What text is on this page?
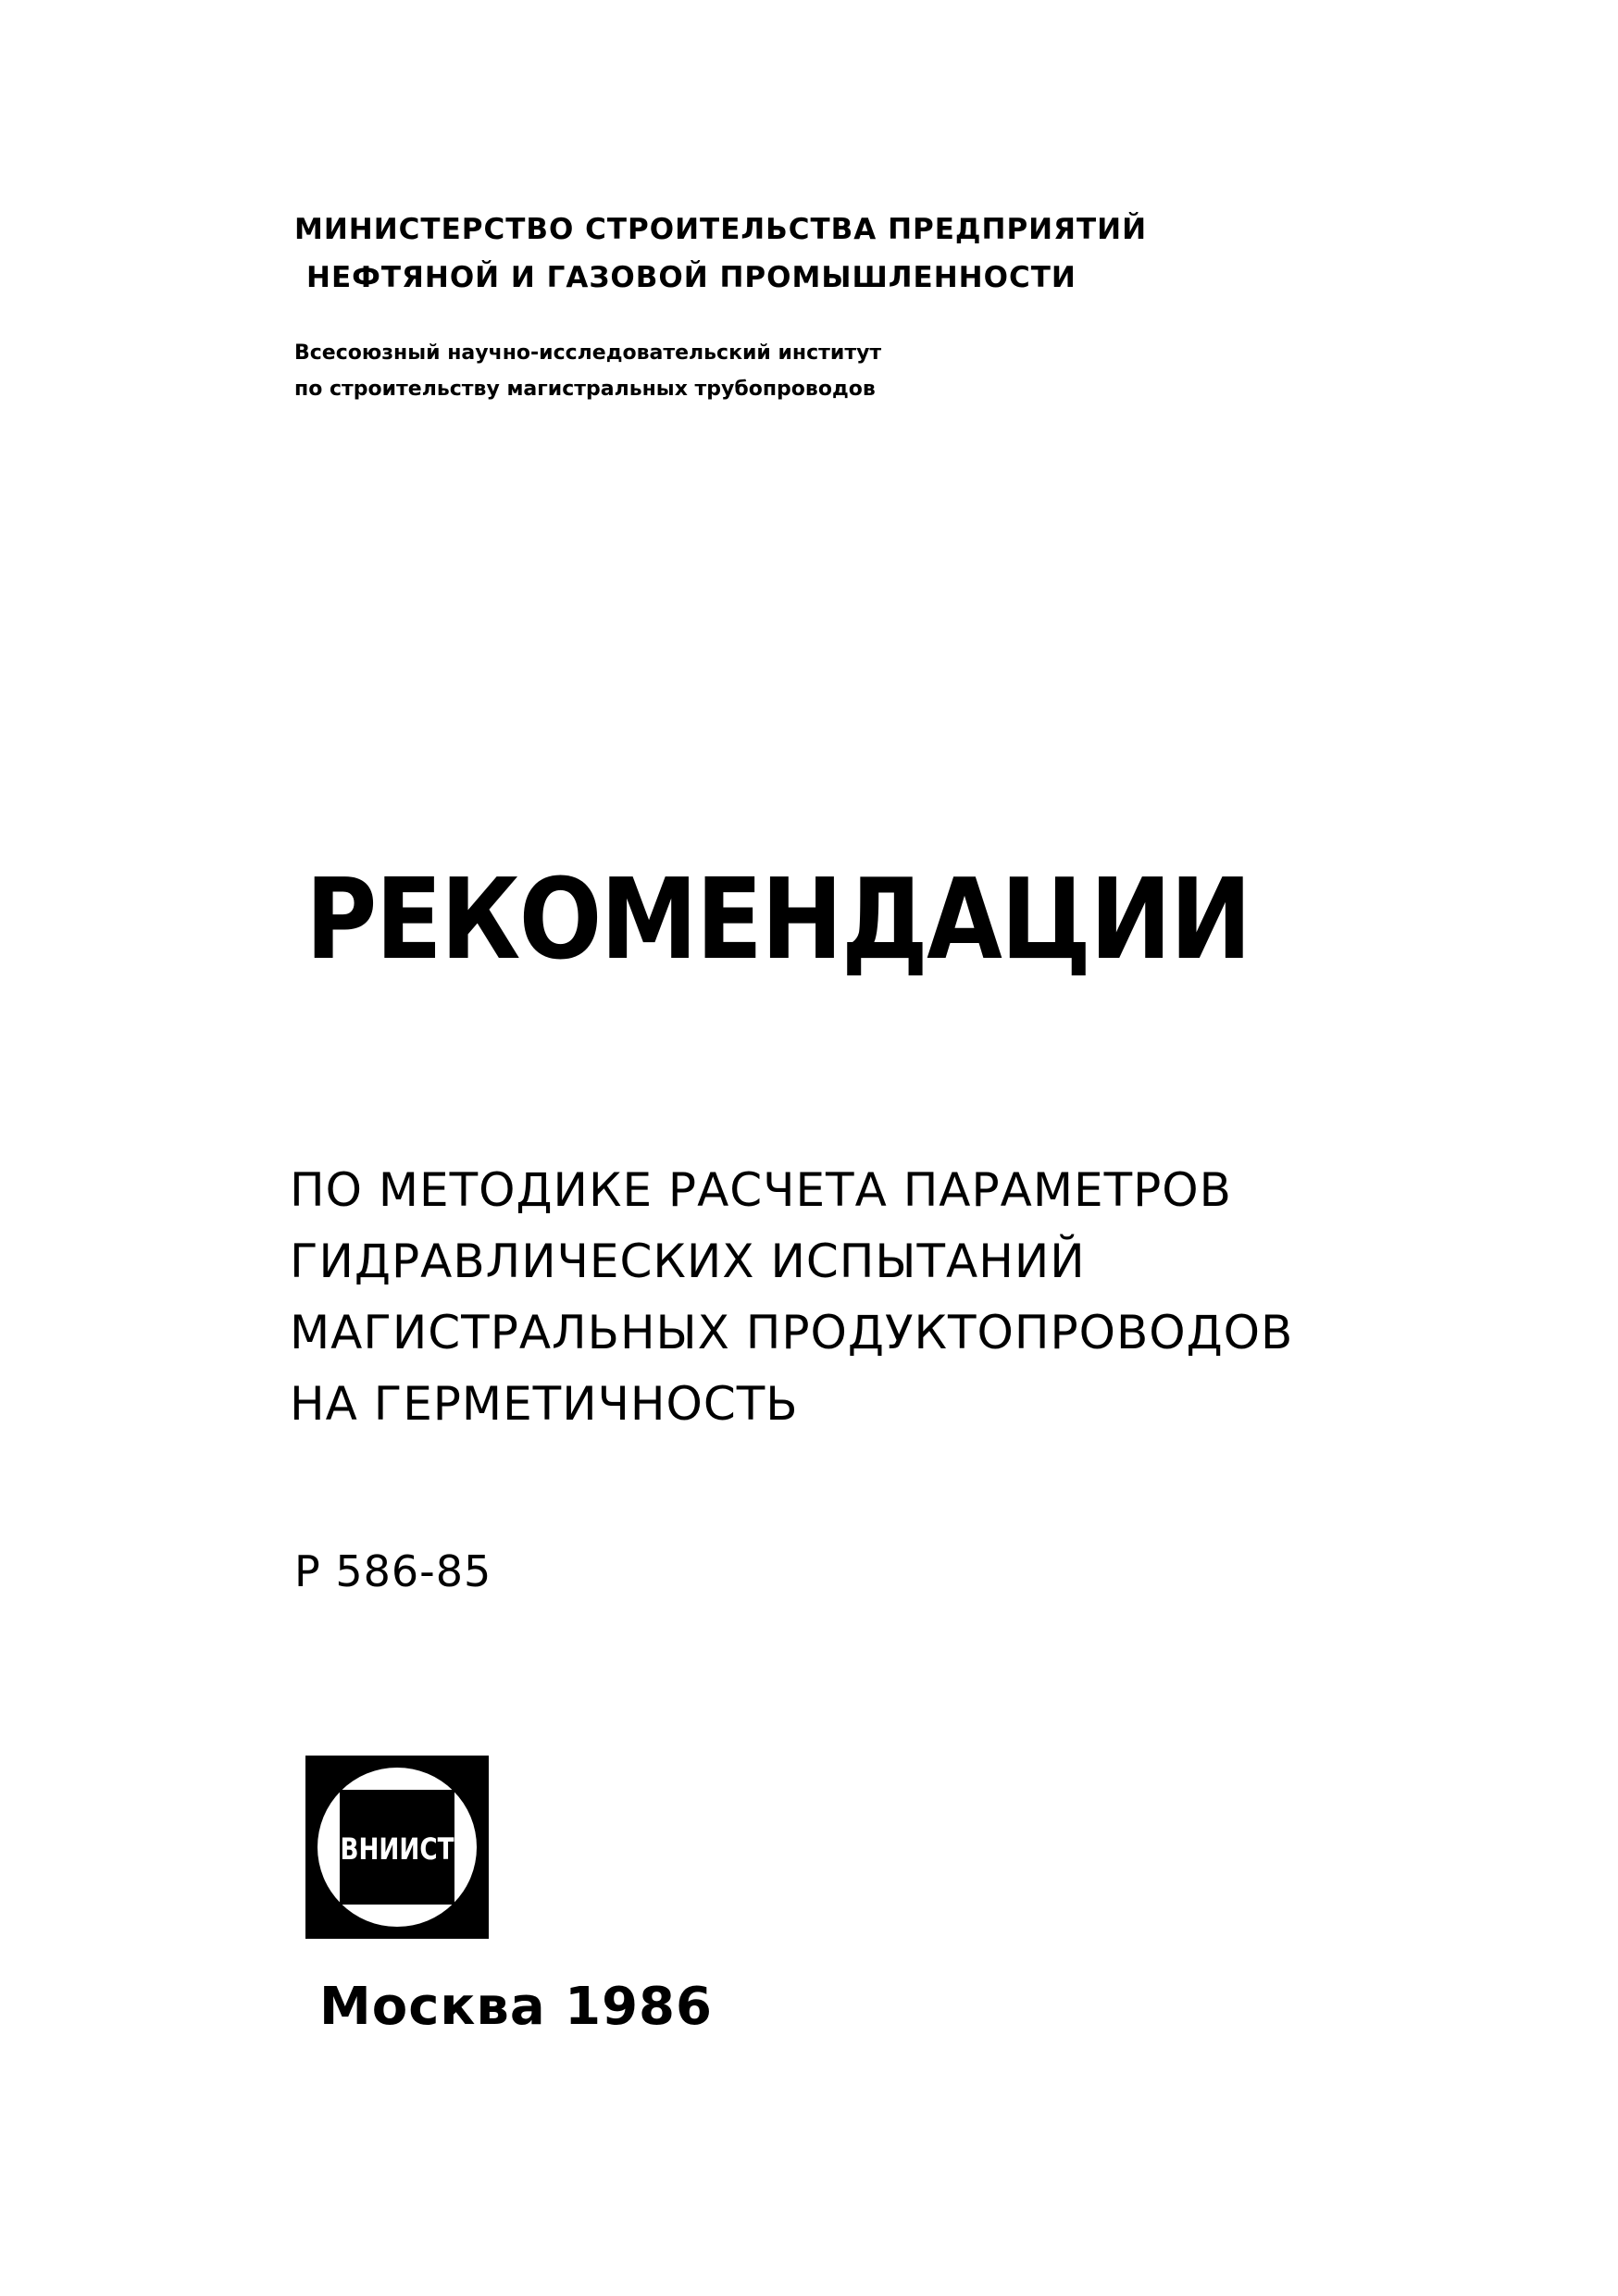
МИНИСТЕРСТВО СТРОИТЕЛЬСТВА ПРЕДПРИЯТИЙ
НЕФТЯНОЙ И ГАЗОВОЙ ПРОМЫШЛЕННОСТИ
Всесоюзный научно-исследовательский институт
по строительству магистральных трубопроводов
РЕКОМЕНДАЦИИ
ПО МЕТОДИКЕ РАСЧЕТА ПАРАМЕТРОВ
ГИДРАВЛИЧЕСКИХ ИСПЫТАНИЙ
МАГИСТРАЛЬНЫХ ПРОДУКТОПРОВОДОВ
НА ГЕРМЕТИЧНОСТЬ
Р 586-85
ВНИИСТ
Москва 1986
